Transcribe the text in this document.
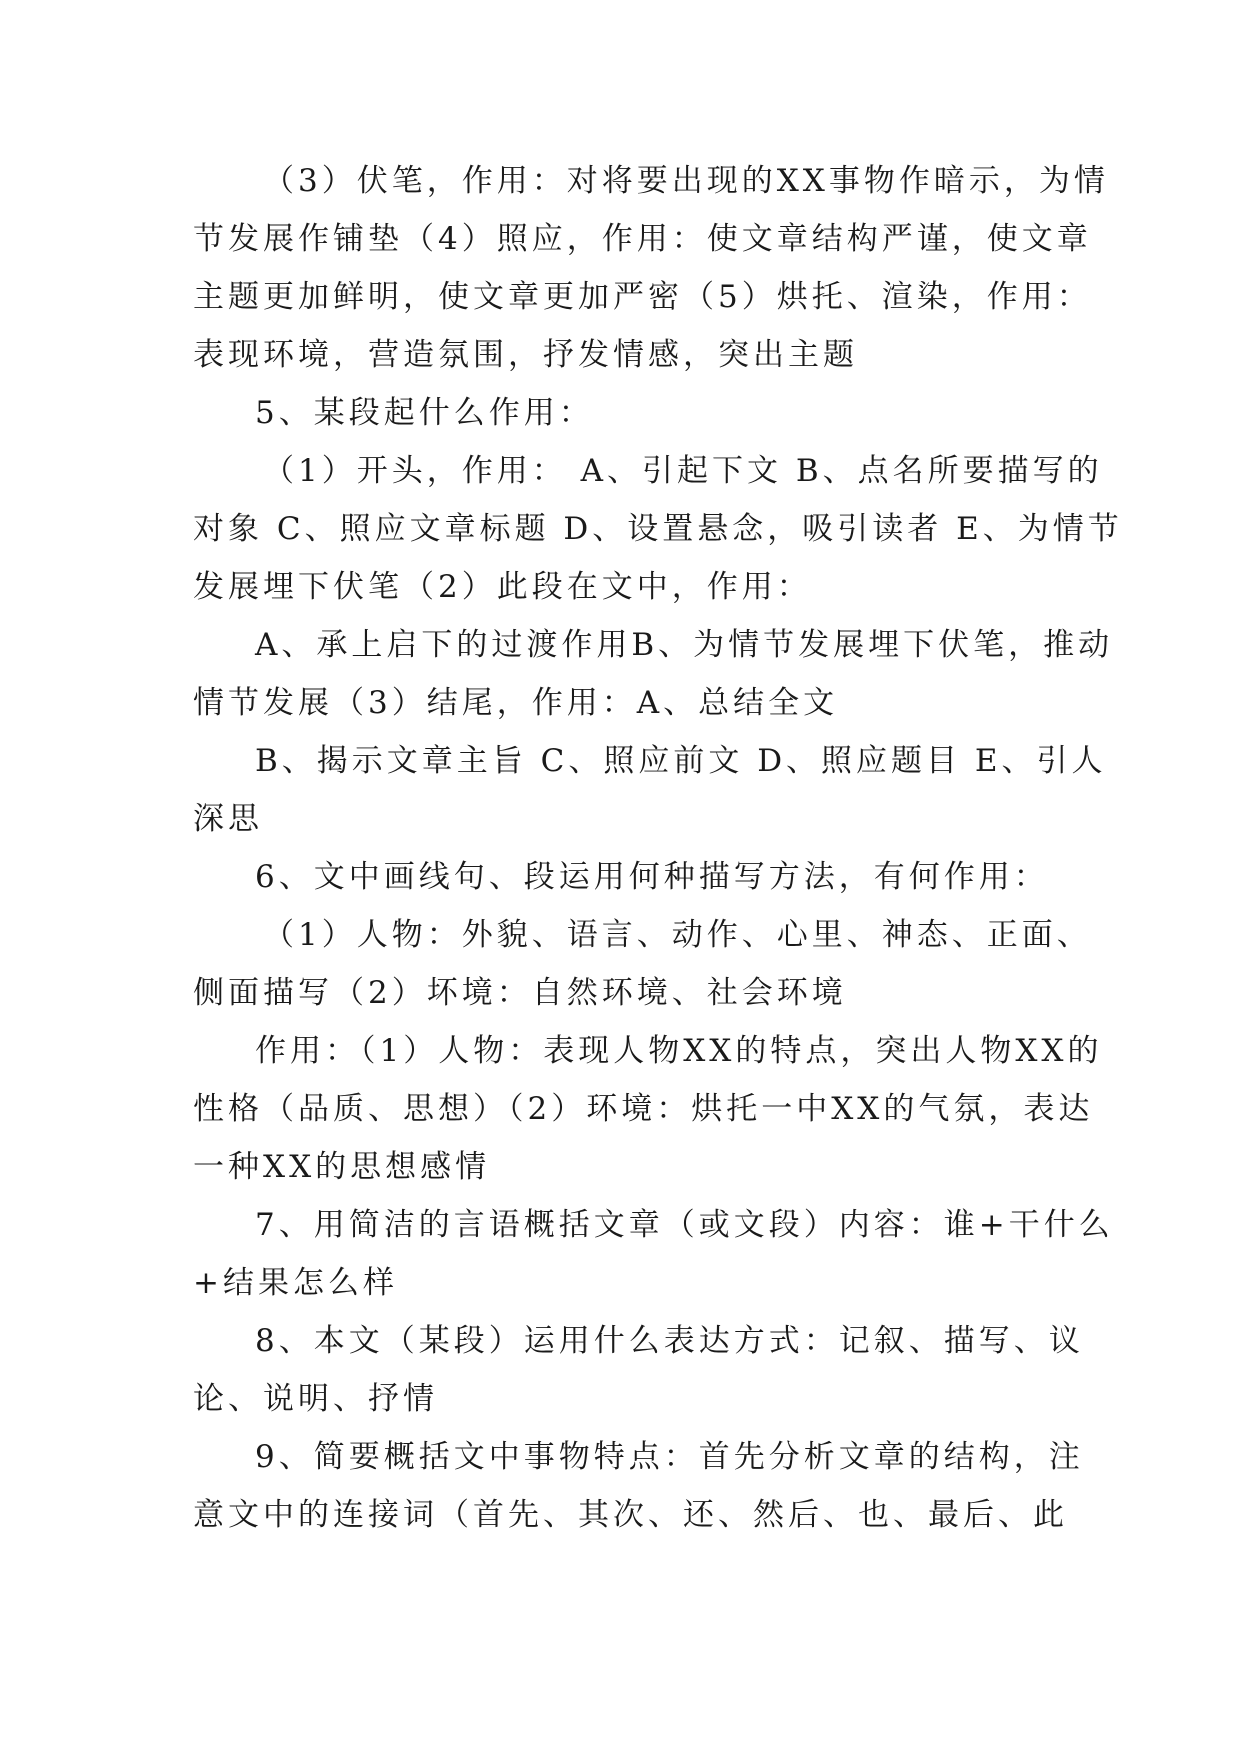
（3）伏笔，作用：对将要出现的XX事物作暗示，为情
节发展作铺垫（4）照应，作用：使文章结构严谨，使文章
主题更加鲜明，使文章更加严密（5）烘托、渲染，作用：
表现环境，营造氛围，抒发情感，突出主题
5、某段起什么作用：
（1）开头，作用： A、引起下文 B、点名所要描写的
对象 C、照应文章标题 D、设置悬念，吸引读者 E、为情节
发展埋下伏笔（2）此段在文中，作用：
A、承上启下的过渡作用B、为情节发展埋下伏笔，推动
情节发展（3）结尾，作用：A、总结全文
B、揭示文章主旨 C、照应前文 D、照应题目 E、引人
深思
6、文中画线句、段运用何种描写方法，有何作用：
（1）人物：外貌、语言、动作、心里、神态、正面、
侧面描写（2）坏境：自然环境、社会环境
作用：（1）人物：表现人物XX的特点，突出人物XX的
性格（品质、思想）（2）环境：烘托一中XX的气氛，表达
一种XX的思想感情
7、用简洁的言语概括文章（或文段）内容：谁+干什么
+结果怎么样
8、本文（某段）运用什么表达方式：记叙、描写、议
论、说明、抒情
9、简要概括文中事物特点：首先分析文章的结构，注
意文中的连接词（首先、其次、还、然后、也、最后、此
